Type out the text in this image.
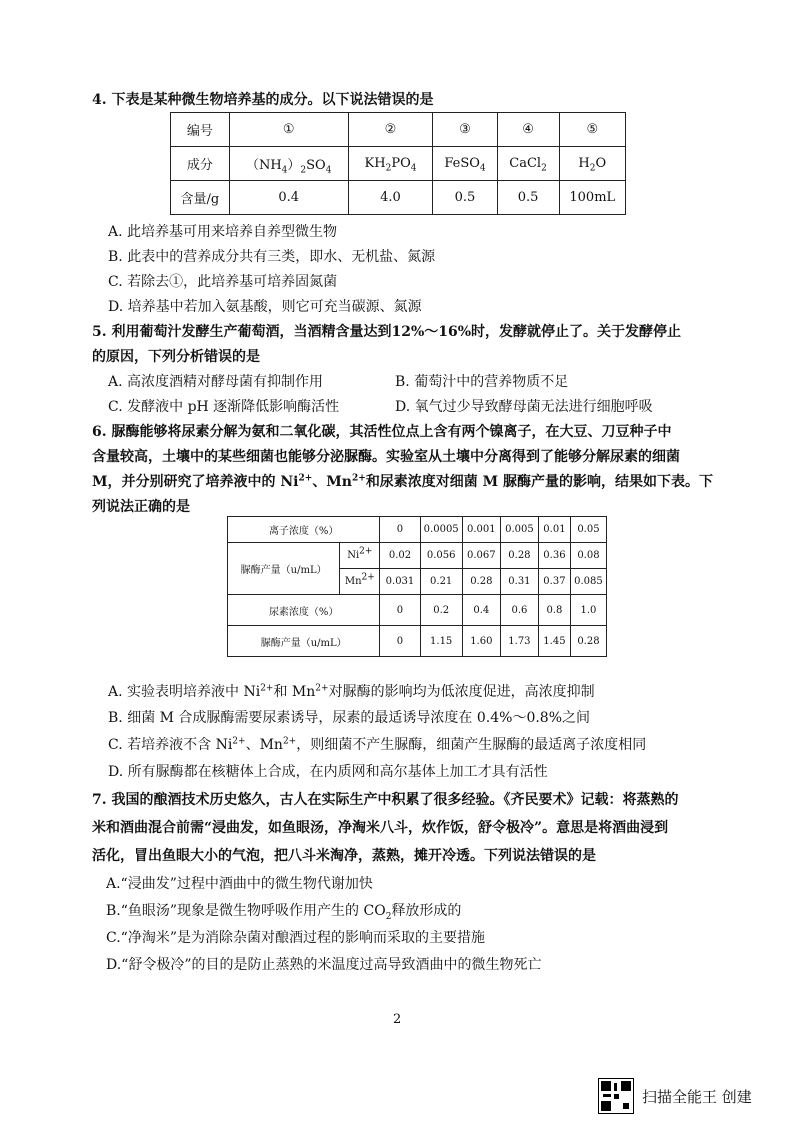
4. 下表是某种微生物培养基的成分。以下说法错误的是
编号	①	②	③	④	⑤
成分	$(NH_4)_2SO_4$	$KH_2PO_4$	FeSO$_4$	CaCl$_2$	$H_2O$
含量/g	0.4	4.0	0.5	0.5	100mL
A. 此培养基可用来培养自养型微生物
B. 此表中的营养成分共有三类，即水、无机盐、氮源
C. 若除去①，此培养基可培养固氮菌
D. 培养基中若加入氨基酸，则它可充当碳源、氮源
5. 利用葡萄汁发酵生产葡萄酒，当酒精含量达到12%～16%时，发酵就停止了。关于发酵停止
的原因，下列分析错误的是
A. 高浓度酒精对酵母菌有抑制作用	B. 葡萄汁中的营养物质不足
C. 发酵液中 pH 逐渐降低影响酶活性	D. 氧气过少导致酵母菌无法进行细胞呼吸
6. 脲酶能够将尿素分解为氨和二氧化碳，其活性位点上含有两个镍离子，在大豆、刀豆种子中
含量较高，土壤中的某些细菌也能够分泌脲酶。实验室从土壤中分离得到了能够分解尿素的细菌
M，并分别研究了培养液中的 $Ni^{2+}$、$Mn^{2+}$和尿素浓度对细菌 M 脲酶产量的影响，结果如下表。下
列说法正确的是
离子浓度（%）		0	0.0005	0.001	0.005	0.01	0.05
脲酶产量（u/mL）	Ni2+	0.02	0.056	0.067	0.28	0.36	0.08
	Mn2+	0.031	0.21	0.28	0.31	0.37	0.085
尿素浓度（%）		0	0.2	0.4	0.6	0.8	1.0
脲酶产量（u/mL）		0	1.15	1.60	1.73	1.45	0.28
A. 实验表明培养液中 $Ni^{2+}$和 $Mn^{2+}$对脲酶的影响均为低浓度促进，高浓度抑制
B. 细菌 M 合成脲酶需要尿素诱导，尿素的最适诱导浓度在 0.4%～0.8%之间
C. 若培养液不含 $Ni^{2+}$、$Mn^{2+}$，则细菌不产生脲酶，细菌产生脲酶的最适离子浓度相同
D. 所有脲酶都在核糖体上合成，在内质网和高尔基体上加工才具有活性
7. 我国的酿酒技术历史悠久，古人在实际生产中积累了很多经验。《齐民要术》记载：将蒸熟的
米和酒曲混合前需“浸曲发，如鱼眼汤，净淘米八斗，炊作饭，舒令极冷”。意思是将酒曲浸到
活化，冒出鱼眼大小的气泡，把八斗米淘净，蒸熟，摊开冷透。下列说法错误的是
A.“浸曲发”过程中酒曲中的微生物代谢加快
B.“鱼眼汤”现象是微生物呼吸作用产生的 $CO_2$释放形成的
C.“净淘米”是为消除杂菌对酿酒过程的影响而采取的主要措施
D.“舒令极冷”的目的是防止蒸熟的米温度过高导致酒曲中的微生物死亡
2
扫描全能王 创建
